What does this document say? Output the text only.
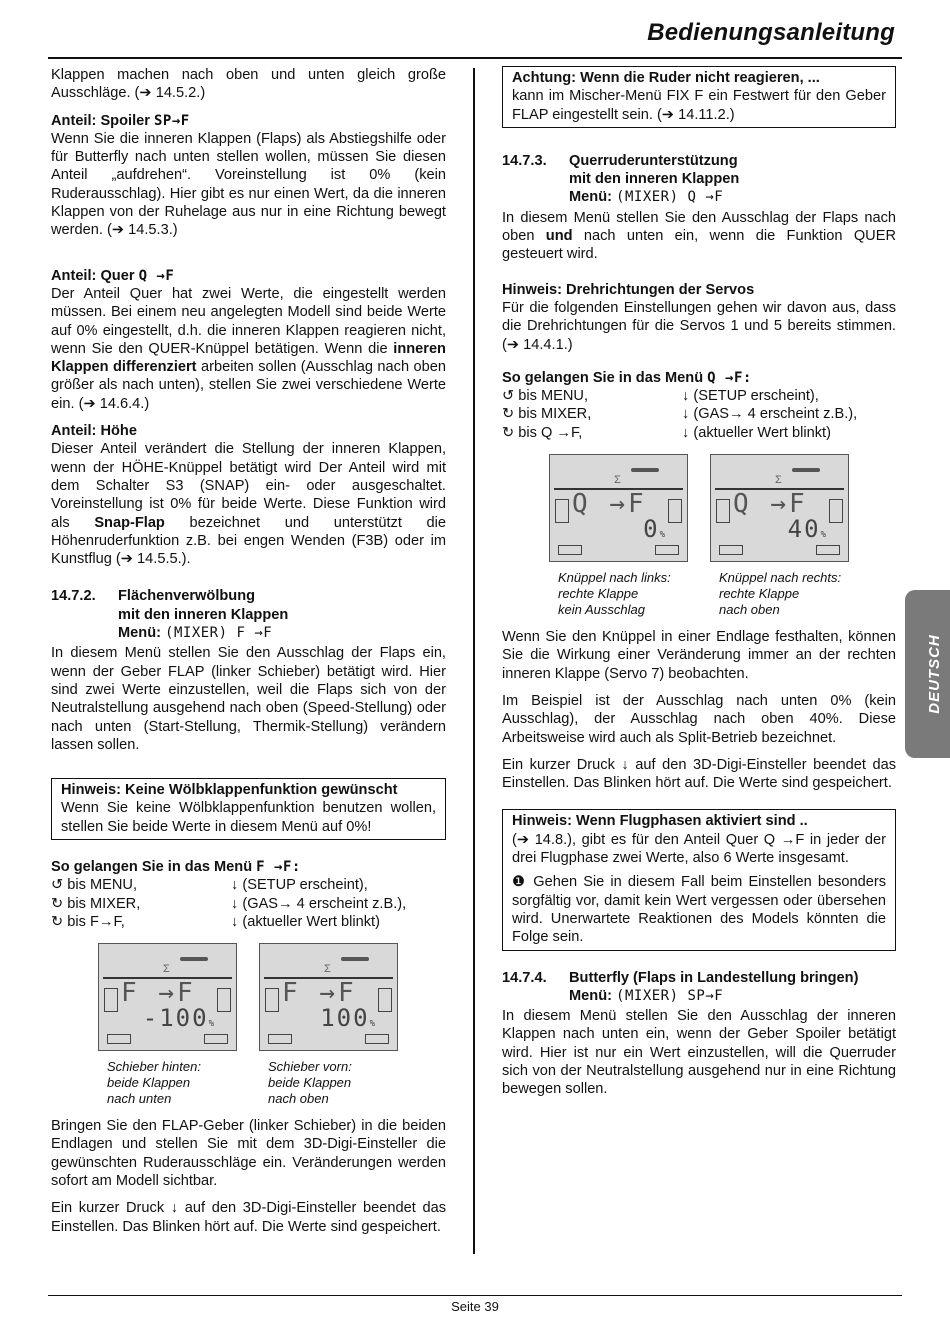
Bedienungsanleitung
DEUTSCH

Klappen machen nach oben und unten gleich große Ausschläge. (➔ 14.5.2.)

Anteil: Spoiler SP→F

Wenn Sie die inneren Klappen (Flaps) als Abstiegshilfe oder für Butterfly nach unten stellen wollen, müssen Sie diesen Anteil „aufdrehen“. Voreinstellung ist 0% (kein Ruderausschlag). Hier gibt es nur einen Wert, da die inneren Klappen von der Ruhelage aus nur in eine Richtung bewegt werden. (➔ 14.5.3.)

Anteil: Quer Q →F

Der Anteil Quer hat zwei Werte, die eingestellt werden müssen. Bei einem neu angelegten Modell sind beide Werte auf 0% eingestellt, d.h. die inneren Klappen reagieren nicht, wenn Sie den QUER-Knüppel betätigen. Wenn die inneren Klappen differenziert arbeiten sollen (Ausschlag nach oben größer als nach unten), stellen Sie zwei verschiedene Werte ein. (➔ 14.6.4.)

Anteil: Höhe

Dieser Anteil verändert die Stellung der inneren Klappen, wenn der HÖHE-Knüppel betätigt wird Der Anteil wird mit dem Schalter S3 (SNAP) ein- oder ausgeschaltet. Voreinstellung ist 0% für beide Werte. Diese Funktion wird als Snap-Flap bezeichnet und unterstützt die Höhenruderfunktion z.B. bei engen Wenden (F3B) oder im Kunstflug (➔ 14.5.5.).

14.7.2. Flächenverwölbung
mit den inneren Klappen
Menü: (MIXER) F →F

In diesem Menü stellen Sie den Ausschlag der Flaps ein, wenn der Geber FLAP (linker Schieber) betätigt wird. Hier sind zwei Werte einzustellen, weil die Flaps sich von der Neutralstellung ausgehend nach oben (Speed-Stellung) oder nach unten (Start-Stellung, Thermik-Stellung) verändern lassen sollen.

Hinweis: Keine Wölbklappenfunktion gewünscht

Wenn Sie keine Wölbklappenfunktion benutzen wollen, stellen Sie beide Werte in diesem Menü auf 0%!

So gelangen Sie in das Menü F →F:
↺ bis MENU,	↓ (SETUP erscheint),
↻ bis MIXER,	↓ (GAS→ 4 erscheint z.B.),
↻ bis F→F,	↓ (aktueller Wert blinkt)
Σ
F →F
-100%
Σ
F →F
100%
Schieber hinten:
beide Klappen
nach unten
Schieber vorn:
beide Klappen
nach oben

Bringen Sie den FLAP-Geber (linker Schieber) in die beiden Endlagen und stellen Sie mit dem 3D-Digi-Einsteller die gewünschten Ruderausschläge ein. Veränderungen werden sofort am Modell sichtbar.

Ein kurzer Druck ↓ auf den 3D-Digi-Einsteller beendet das Einstellen. Das Blinken hört auf. Die Werte sind gespeichert.

Achtung: Wenn die Ruder nicht reagieren, ...

kann im Mischer-Menü FIX F ein Festwert für den Geber FLAP eingestellt sein. (➔ 14.11.2.)

14.7.3. Querruderunterstützung
mit den inneren Klappen
Menü: (MIXER) Q →F

In diesem Menü stellen Sie den Ausschlag der Flaps nach oben und nach unten ein, wenn die Funktion QUER gesteuert wird.

Hinweis: Drehrichtungen der Servos

Für die folgenden Einstellungen gehen wir davon aus, dass die Drehrichtungen für die Servos 1 und 5 bereits stimmen. (➔ 14.4.1.)

So gelangen Sie in das Menü Q →F:
↺ bis MENU,	↓ (SETUP erscheint),
↻ bis MIXER,	↓ (GAS→ 4 erscheint z.B.),
↻ bis Q →F,	↓ (aktueller Wert blinkt)
Σ
Q →F
0%
Σ
Q →F
40%
Knüppel nach links:
rechte Klappe
kein Ausschlag
Knüppel nach rechts:
rechte Klappe
nach oben

Wenn Sie den Knüppel in einer Endlage festhalten, können Sie die Wirkung einer Veränderung immer an der rechten inneren Klappe (Servo 7) beobachten.

Im Beispiel ist der Ausschlag nach unten 0% (kein Ausschlag), der Ausschlag nach oben 40%. Diese Arbeitsweise wird auch als Split-Betrieb bezeichnet.

Ein kurzer Druck ↓ auf den 3D-Digi-Einsteller beendet das Einstellen. Das Blinken hört auf. Die Werte sind gespeichert.

Hinweis: Wenn Flugphasen aktiviert sind ..

(➔ 14.8.), gibt es für den Anteil Quer Q →F in jeder der drei Flugphase zwei Werte, also 6 Werte insgesamt.

❶ Gehen Sie in diesem Fall beim Einstellen besonders sorgfältig vor, damit kein Wert vergessen oder übersehen wird. Unerwartete Reaktionen des Models könnten die Folge sein.

14.7.4. Butterfly (Flaps in Landestellung bringen)
Menü: (MIXER) SP→F

In diesem Menü stellen Sie den Ausschlag der inneren Klappen nach unten ein, wenn der Geber Spoiler betätigt wird. Hier ist nur ein Wert einzustellen, will die Querruder sich von der Neutralstellung ausgehend nur in eine Richtung bewegen sollen.

Seite 39
